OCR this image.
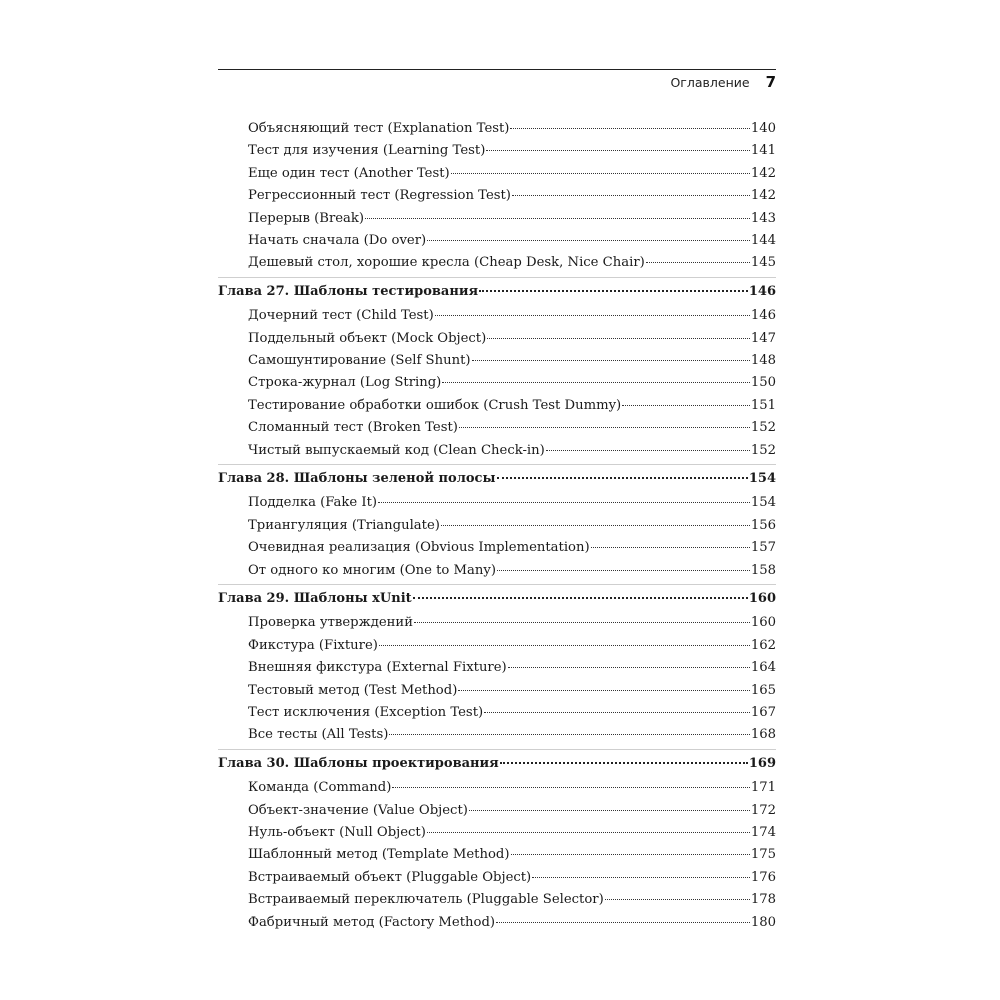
Оглавление 7
Объясняющий тест (Explanation Test)	140
Тест для изучения (Learning Test)	141
Еще один тест (Another Test)	142
Регрессионный тест (Regression Test)	142
Перерыв (Break)	143
Начать сначала (Do over)	144
Дешевый стол, хорошие кресла (Cheap Desk, Nice Chair)	145
Глава 27. Шаблоны тестирования	146
Дочерний тест (Child Test)	146
Поддельный объект (Mock Object)	147
Самошунтирование (Self Shunt)	148
Строка-журнал (Log String)	150
Тестирование обработки ошибок (Crush Test Dummy)	151
Сломанный тест (Broken Test)	152
Чистый выпускаемый код (Clean Check-in)	152
Глава 28. Шаблоны зеленой полосы	154
Подделка (Fake It)	154
Триангуляция (Triangulate)	156
Очевидная реализация (Obvious Implementation)	157
От одного ко многим (One to Many)	158
Глава 29. Шаблоны xUnit	160
Проверка утверждений	160
Фикстура (Fixture)	162
Внешняя фикстура (External Fixture)	164
Тестовый метод (Test Method)	165
Тест исключения (Exception Test)	167
Все тесты (All Tests)	168
Глава 30. Шаблоны проектирования	169
Команда (Command)	171
Объект-значение (Value Object)	172
Нуль-объект (Null Object)	174
Шаблонный метод (Template Method)	175
Встраиваемый объект (Pluggable Object)	176
Встраиваемый переключатель (Pluggable Selector)	178
Фабричный метод (Factory Method)	180
